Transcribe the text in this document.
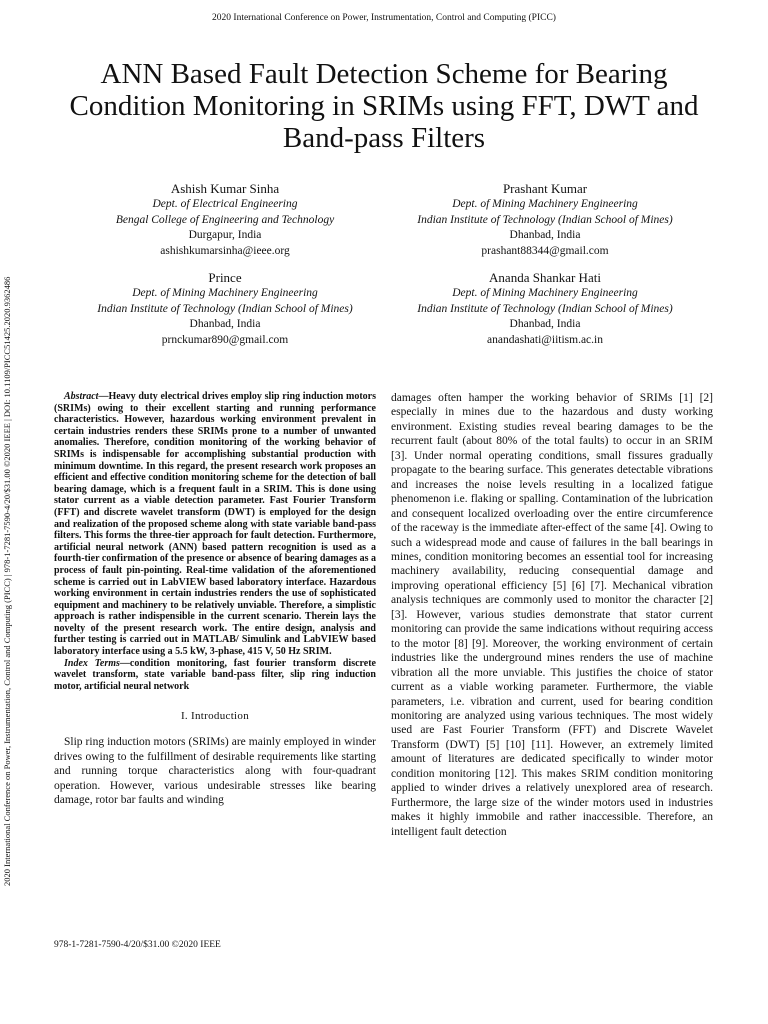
2020 International Conference on Power, Instrumentation, Control and Computing (PICC)
ANN Based Fault Detection Scheme for Bearing Condition Monitoring in SRIMs using FFT, DWT and Band-pass Filters
Ashish Kumar Sinha
Dept. of Electrical Engineering
Bengal College of Engineering and Technology
Durgapur, India
ashishkumarsinha@ieee.org
Prashant Kumar
Dept. of Mining Machinery Engineering
Indian Institute of Technology (Indian School of Mines)
Dhanbad, India
prashant88344@gmail.com
Prince
Dept. of Mining Machinery Engineering
Indian Institute of Technology (Indian School of Mines)
Dhanbad, India
prnckumar890@gmail.com
Ananda Shankar Hati
Dept. of Mining Machinery Engineering
Indian Institute of Technology (Indian School of Mines)
Dhanbad, India
anandashati@iitism.ac.in
2020 International Conference on Power, Instrumentation, Control and Computing (PICC) | 978-1-7281-7590-4/20/$31.00 ©2020 IEEE | DOI: 10.1109/PICC51425.2020.9362486	Abstract—Heavy duty electrical drives employ slip ring induction motors (SRIMs) owing to their excellent starting and running performance characteristics. However, hazardous working environment prevalent in certain industries renders these SRIMs prone to a number of unwanted anomalies. Therefore, condition monitoring of the working behavior of SRIMs is indispensable for accomplishing substantial production with minimum downtime. In this regard, the present research work proposes an efficient and effective condition monitoring scheme for the detection of ball bearing damage, which is a frequent fault in a SRIM. This is done using stator current as a viable detection parameter. Fast Fourier Transform (FFT) and discrete wavelet transform (DWT) is employed for the design and realization of the proposed scheme along with state variable band-pass filters. This forms the three-tier approach for fault detection. Furthermore, artificial neural network (ANN) based pattern recognition is used as a fourth-tier confirmation of the presence or absence of bearing damages as a process of fault pin-pointing. Real-time validation of the aforementioned scheme is carried out in LabVIEW based laboratory interface. Hazardous working environment in certain industries renders the use of sophisticated equipment and machinery to be relatively unviable. Therefore, a simplistic approach is rather indispensible in the current scenario. Therein lays the novelty of the present research work. The entire design, analysis and further testing is carried out in MATLAB/ Simulink and LabVIEW based laboratory interface using a 5.5 kW, 3-phase, 415 V, 50 Hz SRIM.

Index Terms—condition monitoring, fast fourier transform discrete wavelet transform, state variable band-pass filter, slip ring induction motor, artificial neural network

I. Introduction

Slip ring induction motors (SRIMs) are mainly employed in winder drives owing to the fulfillment of desirable requirements like starting and running torque characteristics along with four-quadrant operation. However, various undesirable stresses like bearing damage, rotor bar faults and winding

damages often hamper the working behavior of SRIMs [1] [2] especially in mines due to the hazardous and dusty working environment. Existing studies reveal bearing damages to be the recurrent fault (about 80% of the total faults) to occur in an SRIM [3]. Under normal operating conditions, small fissures gradually propagate to the bearing surface. This generates detectable vibrations and increases the noise levels resulting in a localized fatigue phenomenon i.e. flaking or spalling. Contamination of the lubrication and consequent localized overloading over the entire circumference of the raceway is the immediate after-effect of the same [4]. Owing to such a widespread mode and cause of failures in the ball bearings in mines, condition monitoring becomes an essential tool for increasing machinery availability, reducing consequential damage and improving operational efficiency [5] [6] [7]. Mechanical vibration analysis techniques are commonly used to monitor the character [2] [3]. However, various studies demonstrate that stator current monitoring can provide the same indications without requiring access to the motor [8] [9]. Moreover, the working environment of certain industries like the underground mines renders the use of machine vibration all the more unviable. This justifies the choice of stator current as a viable working parameter. Furthermore, the viable parameters, i.e. vibration and current, used for bearing condition monitoring are analyzed using various techniques. The most widely used are Fast Fourier Transform (FFT) and Discrete Wavelet Transform (DWT) [5] [10] [11]. However, an extremely limited amount of literatures are dedicated specifically to winder motor condition monitoring [12]. This makes SRIM condition monitoring applied to winder drives a relatively unexplored area of research. Furthermore, the large size of the winder motors used in industries makes it highly immobile and rather inaccessible. Therefore, an intelligent fault detection

978-1-7281-7590-4/20/$31.00 ©2020 IEEE
